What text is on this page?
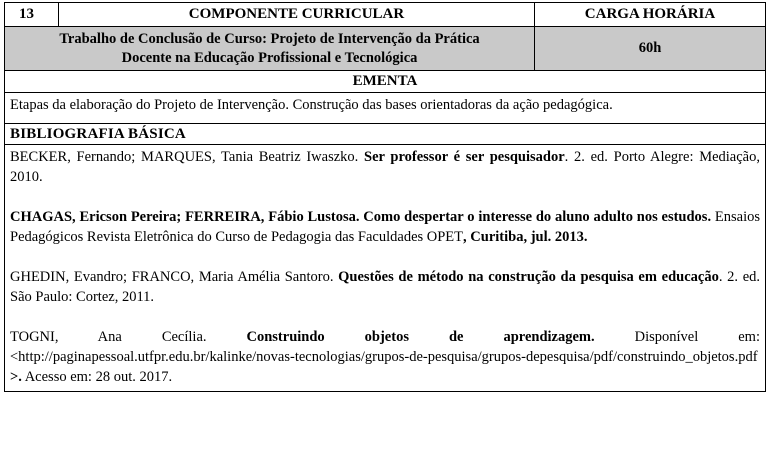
13	COMPONENTE CURRICULAR	CARGA HORÁRIA

Trabalho de Conclusão de Curso: Projeto de Intervenção da Prática
Docente na Educação Profissional e Tecnológica		60h
EMENTA		
Etapas da elaboração do Projeto de Intervenção. Construção das bases orientadoras da ação pedagógica.		
BIBLIOGRAFIA BÁSICA		

BECKER, Fernando; MARQUES, Tania Beatriz Iwaszko. Ser professor é ser pesquisador. 2. ed. Porto Alegre: Mediação, 2010.

CHAGAS, Ericson Pereira; FERREIRA, Fábio Lustosa. Como despertar o interesse do aluno adulto nos estudos. Ensaios Pedagógicos Revista Eletrônica do Curso de Pedagogia das Faculdades OPET, Curitiba, jul. 2013.

GHEDIN, Evandro; FRANCO, Maria Amélia Santoro. Questões de método na construção da pesquisa em educação. 2. ed. São Paulo: Cortez, 2011.

TOGNI, Ana Cecília. Construindo objetos de aprendizagem. Disponível em:
<http://paginapessoal.utfpr.edu.br/kalinke/novas-tecnologias/grupos-de-pesquisa/grupos-depesquisa/pdf/construindo_objetos.pdf>. Acesso em: 28 out. 2017.		
